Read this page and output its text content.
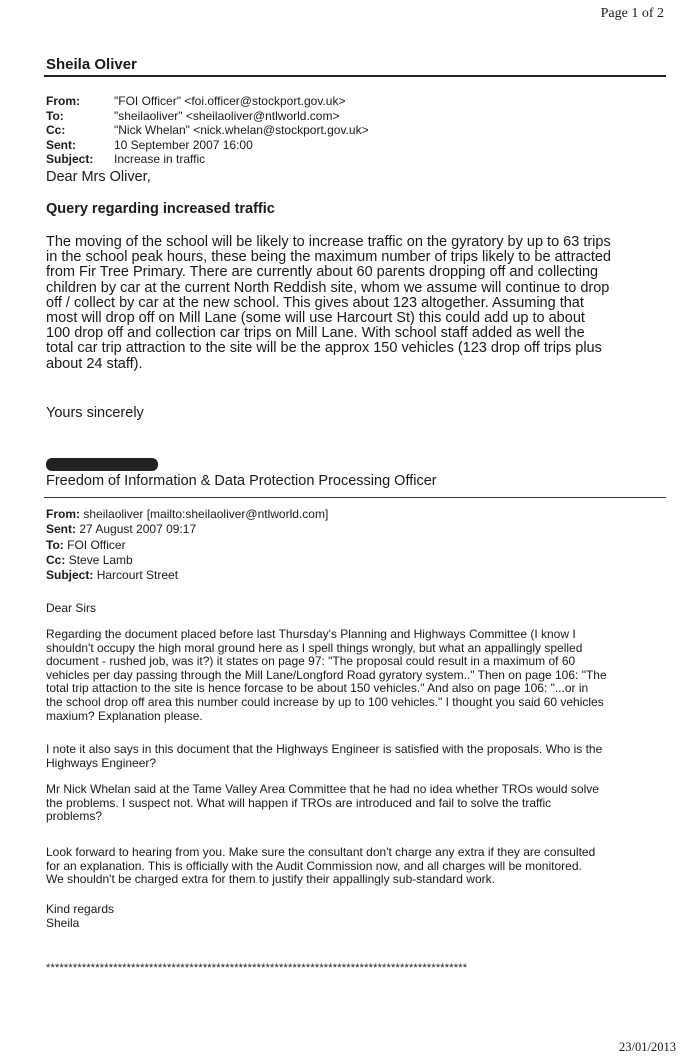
Page 1 of 2
Sheila Oliver
From:	"FOI Officer" <foi.officer@stockport.gov.uk>
To:	"sheilaoliver" <sheilaoliver@ntlworld.com>
Cc:	"Nick Whelan" <nick.whelan@stockport.gov.uk>
Sent:	10 September 2007 16:00
Subject:	Increase in traffic
Dear Mrs Oliver,
Query regarding increased traffic
The moving of the school will be likely to increase traffic on the gyratory by up to 63 trips
in the school peak hours, these being the maximum number of trips likely to be attracted
from Fir Tree Primary. There are currently about 60 parents dropping off and collecting
children by car at the current North Reddish site, whom we assume will continue to drop
off / collect by car at the new school. This gives about 123 altogether. Assuming that
most will drop off on Mill Lane (some will use Harcourt St) this could add up to about
100 drop off and collection car trips on Mill Lane. With school staff added as well the
total car trip attraction to the site will be the approx 150 vehicles (123 drop off trips plus
about 24 staff).
Yours sincerely
Freedom of Information & Data Protection Processing Officer
From: sheilaoliver [mailto:sheilaoliver@ntlworld.com]
Sent: 27 August 2007 09:17
To: FOI Officer
Cc: Steve Lamb
Subject: Harcourt Street
Dear Sirs
Regarding the document placed before last Thursday's Planning and Highways Committee (I know I
shouldn't occupy the high moral ground here as I spell things wrongly, but what an appallingly spelled
document - rushed job, was it?) it states on page 97: "The proposal could result in a maximum of 60
vehicles per day passing through the Mill Lane/Longford Road gyratory system.." Then on page 106: "The
total trip attaction to the site is hence forcase to be about 150 vehicles." And also on page 106: "...or in
the school drop off area this number could increase by up to 100 vehicles." I thought you said 60 vehicles
maxium? Explanation please.
I note it also says in this document that the Highways Engineer is satisfied with the proposals. Who is the
Highways Engineer?
Mr Nick Whelan said at the Tame Valley Area Committee that he had no idea whether TROs would solve
the problems. I suspect not. What will happen if TROs are introduced and fail to solve the traffic
problems?
Look forward to hearing from you. Make sure the consultant don't charge any extra if they are consulted
for an explanation. This is officially with the Audit Commission now, and all charges will be monitored.
We shouldn't be charged extra for them to justify their appallingly sub-standard work.
Kind regards
Sheila
**********************************************************************************************
23/01/2013
